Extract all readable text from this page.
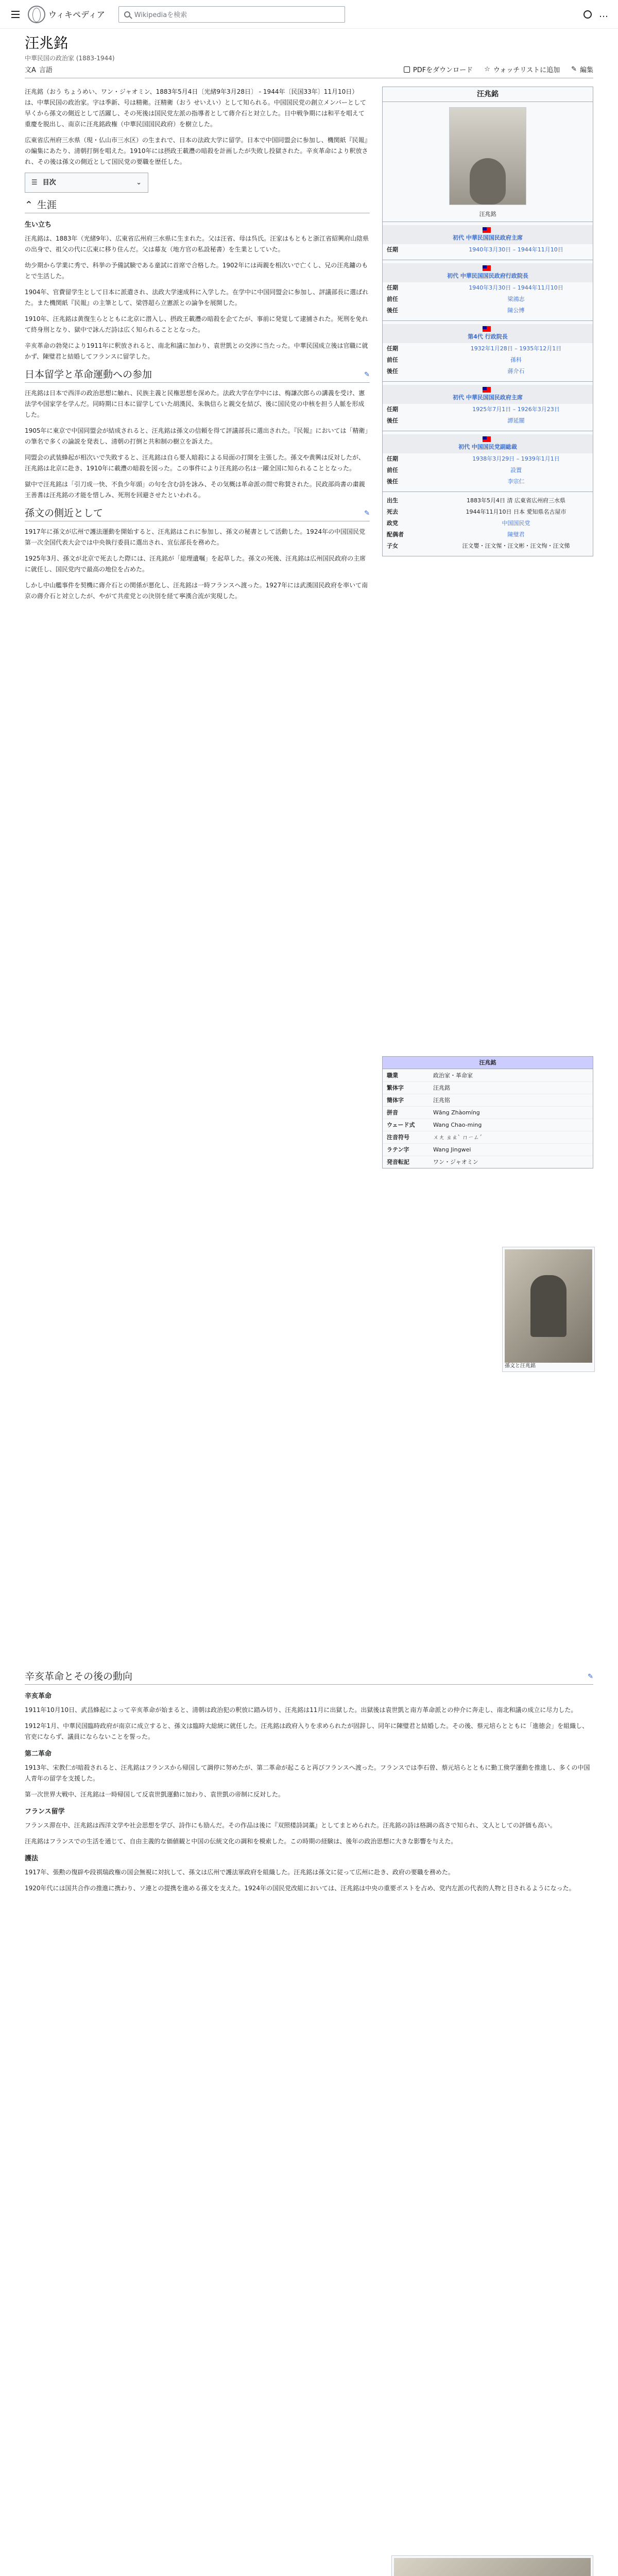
ウィキペディア	Wikipediaを検索	…
汪兆銘
中華民国の政治家 (1883-1944)
文A 言語	PDFをダウンロード ☆ ウォッチリストに追加 ✎ 編集

汪兆銘（おう ちょうめい、ワン・ジャオミン、1883年5月4日〔光緒9年3月28日〕 - 1944年〔民国33年〕11月10日）は、中華民国の政治家。字は季新、号は精衛。汪精衛（おう せいえい）として知られる。中国国民党の創立メンバーとして早くから孫文の側近として活躍し、その死後は国民党左派の指導者として蔣介石と対立した。日中戦争期には和平を唱えて重慶を脱出し、南京に汪兆銘政権（中華民国国民政府）を樹立した。

広東省広州府三水県（現・仏山市三水区）の生まれで、日本の法政大学に留学。日本で中国同盟会に参加し、機関紙『民報』の編集にあたり、清朝打倒を唱えた。1910年には摂政王載灃の暗殺を計画したが失敗し投獄された。辛亥革命により釈放され、その後は孫文の側近として国民党の要職を歴任した。

☰ 目次	⌄
⌃ 生涯
生い立ち

汪兆銘は、1883年（光緒9年）、広東省広州府三水県に生まれた。父は汪省、母は呉氏。汪家はもともと浙江省紹興府山陰県の出身で、祖父の代に広東に移り住んだ。父は幕友（地方官の私設秘書）を生業としていた。

幼少期から学業に秀で、科挙の予備試験である童試に首席で合格した。1902年には両親を相次いで亡くし、兄の汪兆鏞のもとで生活した。

1904年、官費留学生として日本に派遣され、法政大学速成科に入学した。在学中に中国同盟会に参加し、評議部長に選ばれた。また機関紙『民報』の主筆として、梁啓超ら立憲派との論争を展開した。

1910年、汪兆銘は黄復生らとともに北京に潜入し、摂政王載灃の暗殺を企てたが、事前に発覚して逮捕された。死刑を免れて終身刑となり、獄中で詠んだ詩は広く知られることとなった。

辛亥革命の勃発により1911年に釈放されると、南北和議に加わり、袁世凱との交渉に当たった。中華民国成立後は官職に就かず、陳璧君と結婚してフランスに留学した。

日本留学と革命運動への参加	✎

汪兆銘は日本で西洋の政治思想に触れ、民族主義と民権思想を深めた。法政大学在学中には、梅謙次郎らの講義を受け、憲法学や国家学を学んだ。同時期に日本に留学していた胡漢民、朱執信らと親交を結び、後に国民党の中核を担う人脈を形成した。

1905年に東京で中国同盟会が結成されると、汪兆銘は孫文の信頼を得て評議部長に選出された。『民報』においては「精衛」の筆名で多くの論説を発表し、清朝の打倒と共和制の樹立を訴えた。

同盟会の武装蜂起が相次いで失敗すると、汪兆銘は自ら要人暗殺による局面の打開を主張した。孫文や黄興は反対したが、汪兆銘は北京に赴き、1910年に載灃の暗殺を図った。この事件により汪兆銘の名は一躍全国に知られることとなった。

獄中で汪兆銘は「引刀成一快、不負少年頭」の句を含む詩を詠み、その気概は革命派の間で称賛された。民政部尚書の粛親王善耆は汪兆銘の才能を惜しみ、死刑を回避させたといわれる。

孫文の側近として	✎

1917年に孫文が広州で護法運動を開始すると、汪兆銘はこれに参加し、孫文の秘書として活動した。1924年の中国国民党第一次全国代表大会では中央執行委員に選出され、宣伝部長を務めた。

1925年3月、孫文が北京で死去した際には、汪兆銘が「総理遺嘱」を起草した。孫文の死後、汪兆銘は広州国民政府の主席に就任し、国民党内で最高の地位を占めた。

しかし中山艦事件を契機に蔣介石との関係が悪化し、汪兆銘は一時フランスへ渡った。1927年には武漢国民政府を率いて南京の蔣介石と対立したが、やがて共産党との決別を経て寧漢合流が実現した。

汪兆銘
汪兆銘
初代 中華民国国民政府主席
任期	1940年3月30日 – 1944年11月10日
初代 中華民国国民政府行政院長
任期	1940年3月30日 – 1944年11月10日
前任	梁鴻志
後任	陳公博
第4代 行政院長
任期	1932年1月28日 – 1935年12月1日
前任	孫科
後任	蔣介石
初代 中華民国国民政府主席
任期	1925年7月1日 – 1926年3月23日
後任	譚延闓
初代 中国国民党副総裁
任期	1938年3月29日 – 1939年1月1日
前任	設置
後任	李宗仁
出生	1883年5月4日 清 広東省広州府三水県
死去	1944年11月10日 日本 愛知県名古屋市
政党	中国国民党
配偶者	陳璧君
子女	汪文嬰・汪文惺・汪文彬・汪文恂・汪文悌
汪兆銘
職業	政治家・革命家
繁体字	汪兆銘
簡体字	汪兆铭
拼音	Wāng Zhàomíng
ウェード式	Wang Chao-ming
注音符号	ㄨㄤ ㄓㄠˋ ㄇㄧㄥˊ
ラテン字	Wang Jingwei
発音転記	ワン・ジャオミン
孫文と汪兆銘
辛亥革命とその後の動向	✎
辛亥革命

1911年10月10日、武昌蜂起によって辛亥革命が始まると、清朝は政治犯の釈放に踏み切り、汪兆銘は11月に出獄した。出獄後は袁世凱と南方革命派との仲介に奔走し、南北和議の成立に尽力した。

1912年1月、中華民国臨時政府が南京に成立すると、孫文は臨時大総統に就任した。汪兆銘は政府入りを求められたが固辞し、同年に陳璧君と結婚した。その後、蔡元培らとともに「進徳会」を組織し、官吏にならず、議員にならないことを誓った。

第二革命

1913年、宋教仁が暗殺されると、汪兆銘はフランスから帰国して調停に努めたが、第二革命が起こると再びフランスへ渡った。フランスでは李石曾、蔡元培らとともに勤工倹学運動を推進し、多くの中国人青年の留学を支援した。

第一次世界大戦中、汪兆銘は一時帰国して反袁世凱運動に加わり、袁世凱の帝制に反対した。

フランス留学

フランス滞在中、汪兆銘は西洋文学や社会思想を学び、詩作にも励んだ。その作品は後に『双照楼詩詞藁』としてまとめられた。汪兆銘の詩は格調の高さで知られ、文人としての評価も高い。

汪兆銘はフランスでの生活を通じて、自由主義的な価値観と中国の伝統文化の調和を模索した。この時期の経験は、後年の政治思想に大きな影響を与えた。

護法

1917年、張勲の復辟や段祺瑞政権の国会無視に対抗して、孫文は広州で護法軍政府を組織した。汪兆銘は孫文に従って広州に赴き、政府の要職を務めた。

1920年代には国共合作の推進に携わり、ソ連との提携を進める孫文を支えた。1924年の国民党改組においては、汪兆銘は中央の重要ポストを占め、党内左派の代表的人物と目されるようになった。
